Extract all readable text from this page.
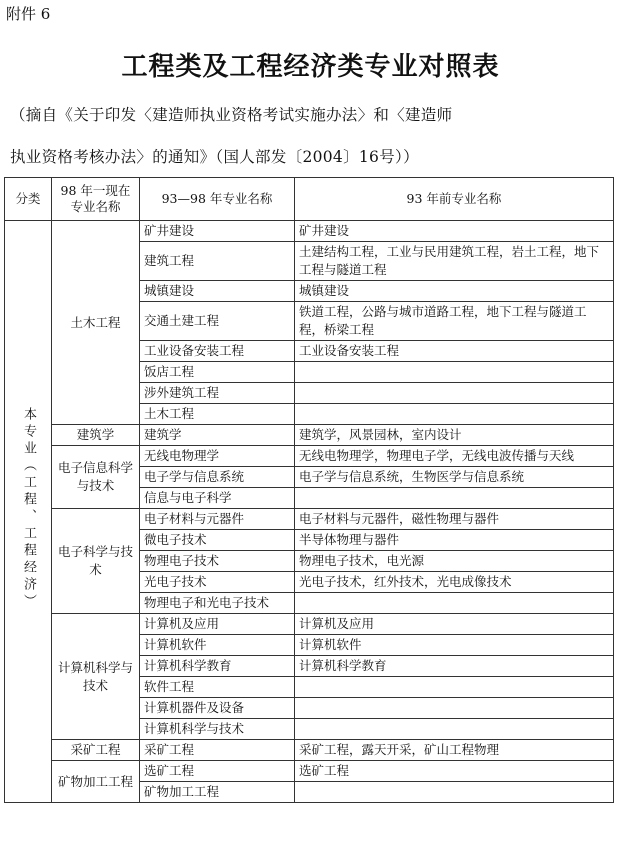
附件 6
工程类及工程经济类专业对照表
（摘自《关于印发〈建造师执业资格考试实施办法〉和〈建造师
执业资格考核办法〉的通知》（国人部发〔2004〕16号））
分类	98 年一现在专业名称	93—98 年专业名称	93 年前专业名称
本专业（工程、工程经济）	土木工程	矿井建设	矿井建设
		建筑工程	土建结构工程，工业与民用建筑工程，岩土工程，地下工程与隧道工程
		城镇建设	城镇建设
		交通土建工程	铁道工程，公路与城市道路工程，地下工程与隧道工程，桥梁工程
		工业设备安装工程	工业设备安装工程
		饭店工程	
		涉外建筑工程	
		土木工程	
	建筑学	建筑学	建筑学，风景园林，室内设计
	电子信息科学与技术	无线电物理学	无线电物理学，物理电子学，无线电波传播与天线
		电子学与信息系统	电子学与信息系统，生物医学与信息系统
		信息与电子科学	
	电子科学与技术	电子材料与元器件	电子材料与元器件，磁性物理与器件
		微电子技术	半导体物理与器件
		物理电子技术	物理电子技术，电光源
		光电子技术	光电子技术，红外技术，光电成像技术
		物理电子和光电子技术	
	计算机科学与技术	计算机及应用	计算机及应用
		计算机软件	计算机软件
		计算机科学教育	计算机科学教育
		软件工程	
		计算机器件及设备	
		计算机科学与技术	
	采矿工程	采矿工程	采矿工程，露天开采，矿山工程物理
	矿物加工工程	选矿工程	选矿工程
		矿物加工工程	
